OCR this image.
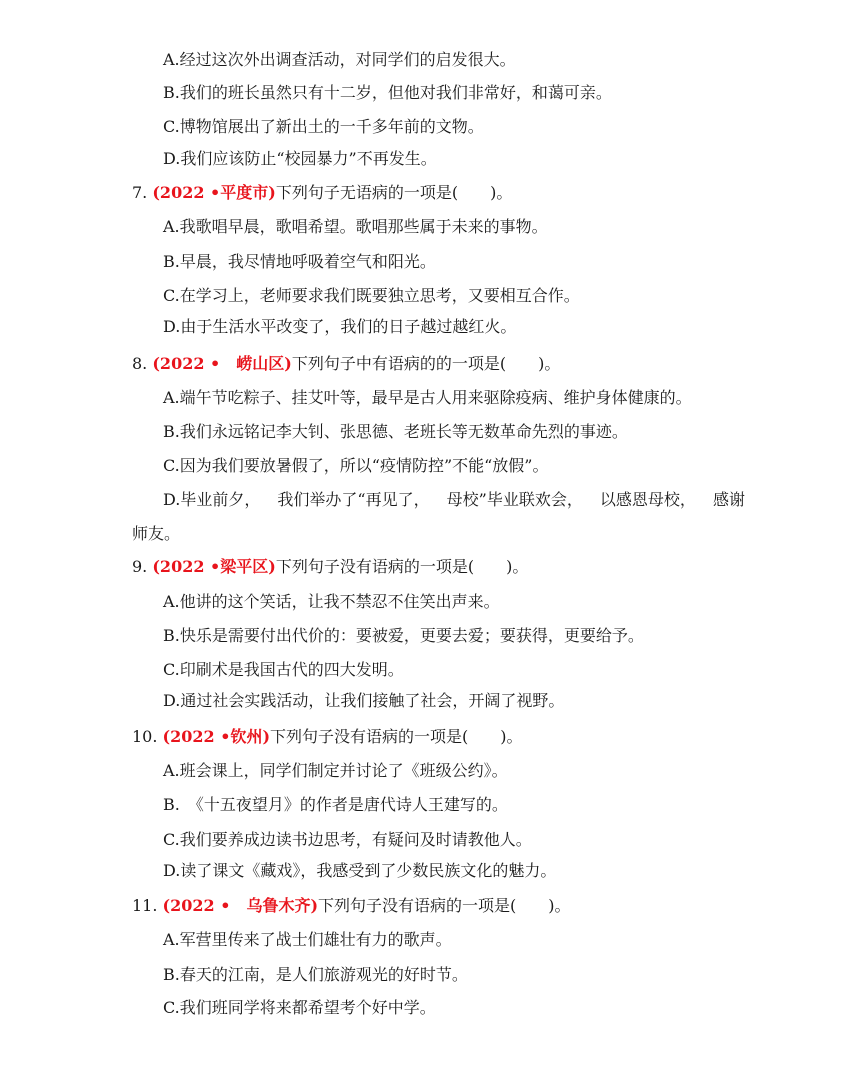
A.经过这次外出调查活动，对同学们的启发很大。
B.我们的班长虽然只有十二岁，但他对我们非常好，和蔼可亲。
C.博物馆展出了新出土的一千多年前的文物。
D.我们应该防止“校园暴力”不再发生。
7. (2022 •平度市)下列句子无语病的一项是(　　)。
A.我歌唱早晨，歌唱希望。歌唱那些属于未来的事物。
B.早晨，我尽情地呼吸着空气和阳光。
C.在学习上，老师要求我们既要独立思考，又要相互合作。
D.由于生活水平改变了，我们的日子越过越红火。
8. (2022 •　崂山区)下列句子中有语病的的一项是(　　)。
A.端午节吃粽子、挂艾叶等，最早是古人用来驱除疫病、维护身体健康的。
B.我们永远铭记李大钊、张思德、老班长等无数革命先烈的事迹。
C.因为我们要放暑假了，所以“疫情防控”不能“放假”。
D.毕业前夕， 我们举办了“再见了， 母校”毕业联欢会， 以感恩母校， 感谢
师友。
9. (2022 •梁平区)下列句子没有语病的一项是(　　)。
A.他讲的这个笑话，让我不禁忍不住笑出声来。
B.快乐是需要付出代价的：要被爱，更要去爱；要获得，更要给予。
C.印刷术是我国古代的四大发明。
D.通过社会实践活动，让我们接触了社会，开阔了视野。
10. (2022 •钦州)下列句子没有语病的一项是(　　)。
A.班会课上，同学们制定并讨论了《班级公约》。
B.　《十五夜望月》的作者是唐代诗人王建写的。
C.我们要养成边读书边思考，有疑问及时请教他人。
D.读了课文《藏戏》，我感受到了少数民族文化的魅力。
11. (2022 •　乌鲁木齐)下列句子没有语病的一项是(　　)。
A.军营里传来了战士们雄壮有力的歌声。
B.春天的江南，是人们旅游观光的好时节。
C.我们班同学将来都希望考个好中学。
